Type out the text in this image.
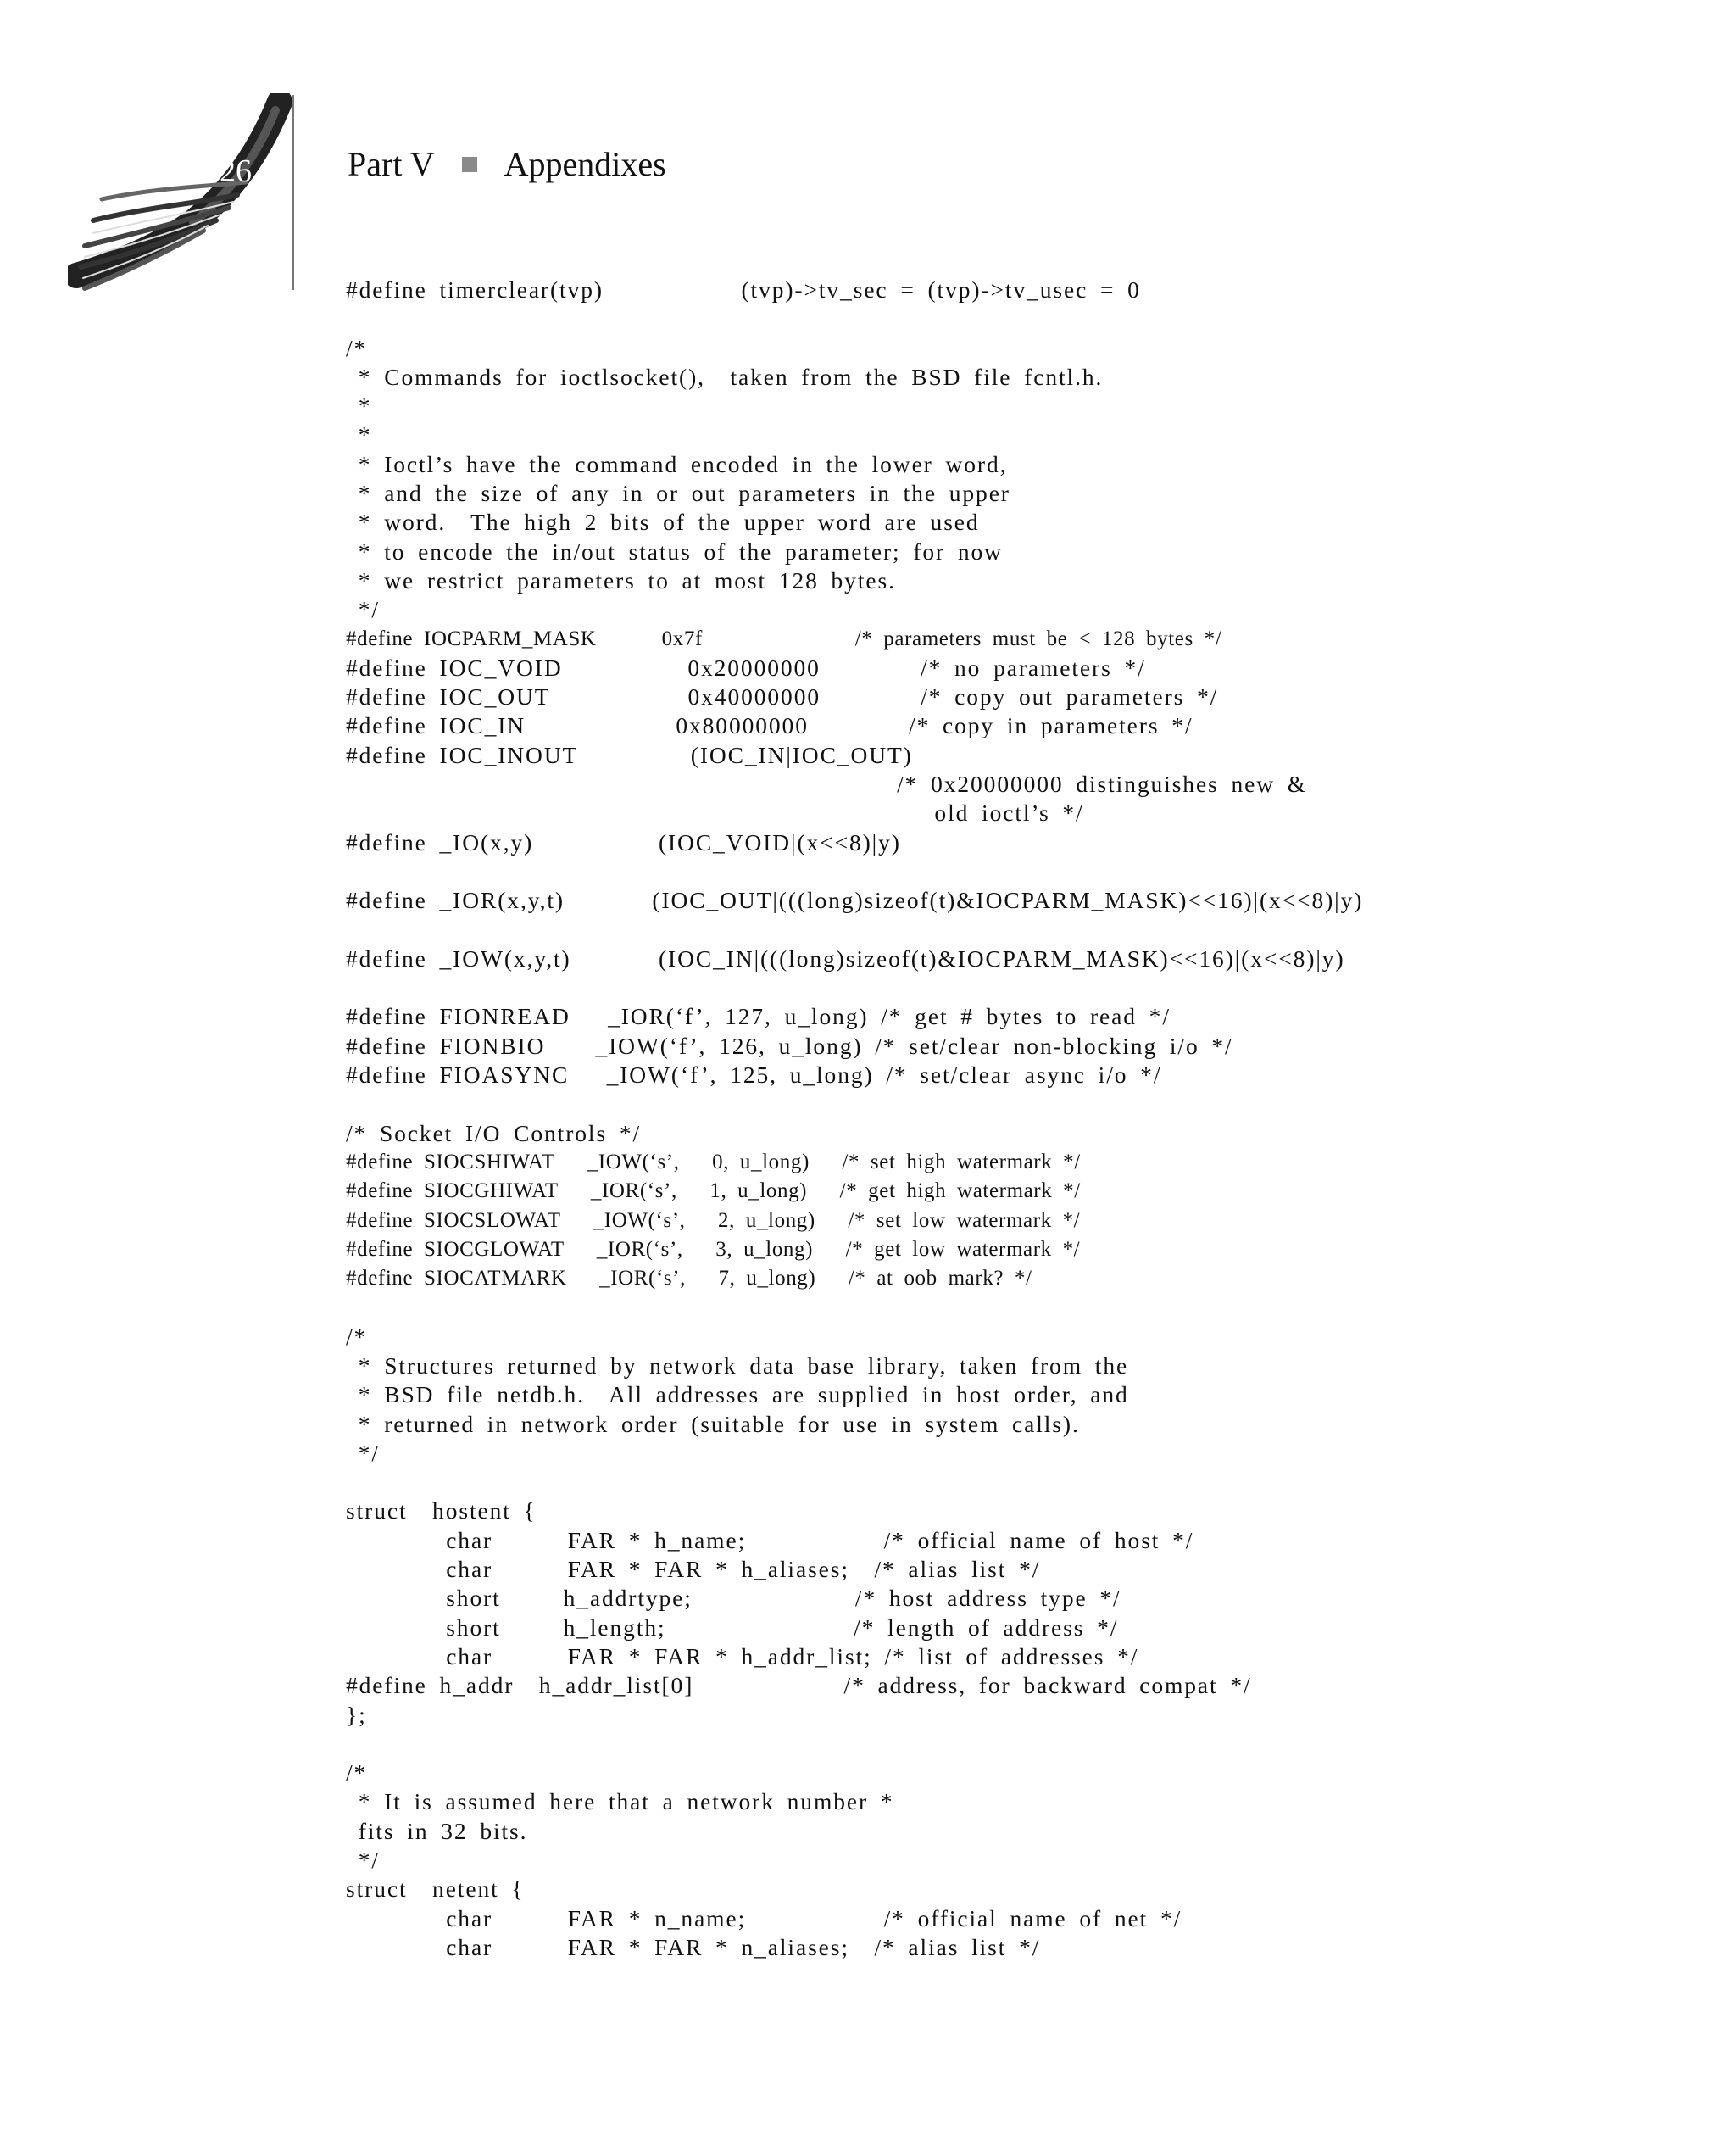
326	Part V Appendixes
#define timerclear(tvp)           (tvp)->tv_sec = (tvp)->tv_usec = 0

/*
* Commands for ioctlsocket(),  taken from the BSD file fcntl.h.
*
*
* Ioctl’s have the command encoded in the lower word,
* and the size of any in or out parameters in the upper
* word.  The high 2 bits of the upper word are used
* to encode the in/out status of the parameter; for now
* we restrict parameters to at most 128 bytes.
*/
#define IOCPARM_MASK      0x7f              /* parameters must be < 128 bytes */
#define IOC_VOID          0x20000000        /* no parameters */
#define IOC_OUT           0x40000000        /* copy out parameters */
#define IOC_IN            0x80000000        /* copy in parameters */
#define IOC_INOUT         (IOC_IN|IOC_OUT)
/* 0x20000000 distinguishes new &
old ioctl’s */
#define _IO(x,y)          (IOC_VOID|(x<<8)|y)

#define _IOR(x,y,t)       (IOC_OUT|(((long)sizeof(t)&IOCPARM_MASK)<<16)|(x<<8)|y)

#define _IOW(x,y,t)       (IOC_IN|(((long)sizeof(t)&IOCPARM_MASK)<<16)|(x<<8)|y)

#define FIONREAD   _IOR(‘f’, 127, u_long) /* get # bytes to read */
#define FIONBIO    _IOW(‘f’, 126, u_long) /* set/clear non-blocking i/o */
#define FIOASYNC   _IOW(‘f’, 125, u_long) /* set/clear async i/o */

/* Socket I/O Controls */
#define SIOCSHIWAT   _IOW(‘s’,   0, u_long)   /* set high watermark */
#define SIOCGHIWAT   _IOR(‘s’,   1, u_long)   /* get high watermark */
#define SIOCSLOWAT   _IOW(‘s’,   2, u_long)   /* set low watermark */
#define SIOCGLOWAT   _IOR(‘s’,   3, u_long)   /* get low watermark */
#define SIOCATMARK   _IOR(‘s’,   7, u_long)   /* at oob mark? */

/*
* Structures returned by network data base library, taken from the
* BSD file netdb.h.  All addresses are supplied in host order, and
* returned in network order (suitable for use in system calls).
*/

struct  hostent {
char      FAR * h_name;           /* official name of host */
char      FAR * FAR * h_aliases;  /* alias list */
short     h_addrtype;             /* host address type */
short     h_length;               /* length of address */
char      FAR * FAR * h_addr_list; /* list of addresses */
#define h_addr  h_addr_list[0]            /* address, for backward compat */
};

/*
* It is assumed here that a network number *
fits in 32 bits.
*/
struct  netent {
char      FAR * n_name;           /* official name of net */
char      FAR * FAR * n_aliases;  /* alias list */
